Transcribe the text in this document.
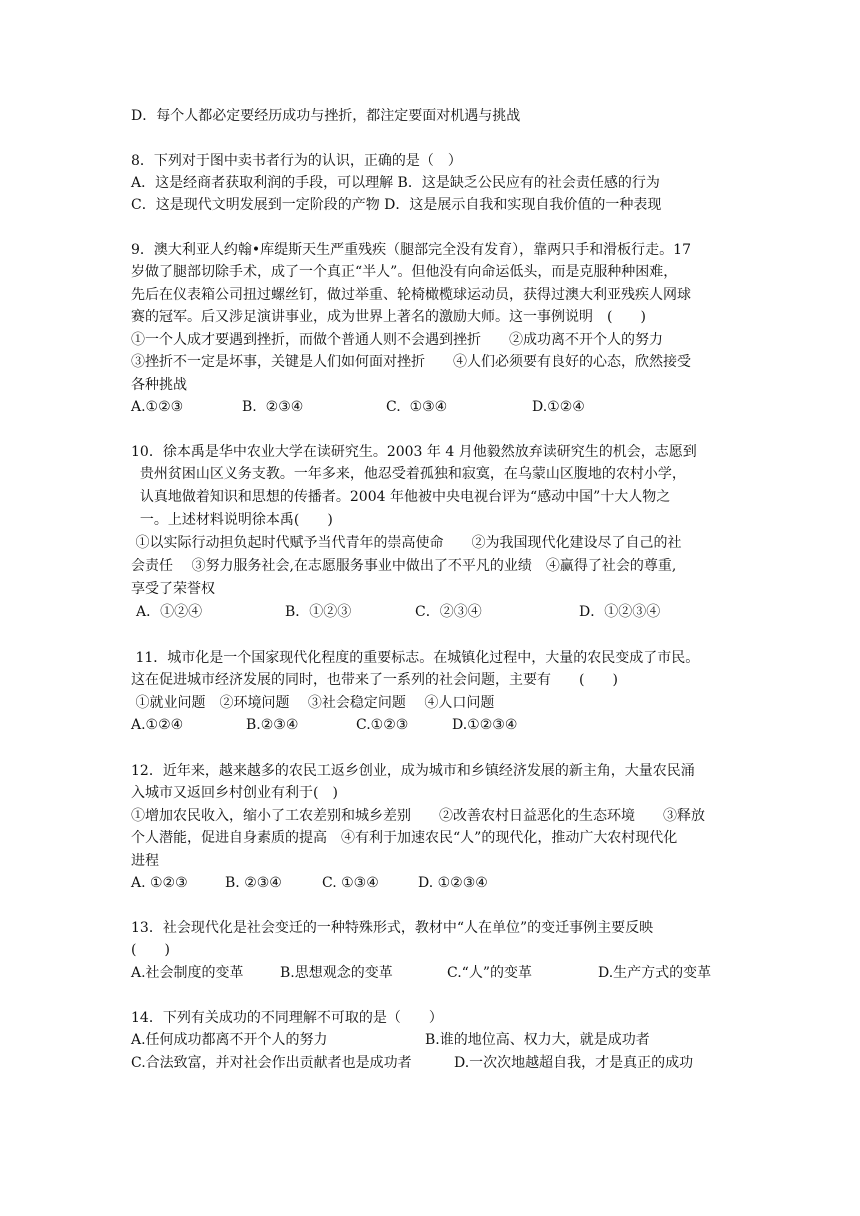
D．每个人都必定要经历成功与挫折，都注定要面对机遇与挑战
8．下列对于图中卖书者行为的认识，正确的是（　）
A．这是经商者获取利润的手段，可以理解 B．这是缺乏公民应有的社会责任感的行为
C．这是现代文明发展到一定阶段的产物 D．这是展示自我和实现自我价值的一种表现
9．澳大利亚人约翰•库缇斯天生严重残疾（腿部完全没有发育），靠两只手和滑板行走。17
岁做了腿部切除手术，成了一个真正“半人”。但他没有向命运低头，而是克服种种困难，
先后在仪表箱公司扭过螺丝钉，做过举重、轮椅橄榄球运动员，获得过澳大利亚残疾人网球
赛的冠军。后又涉足演讲事业，成为世界上著名的激励大师。这一事例说明　(　　)
①一个人成才要遇到挫折，而做个普通人则不会遇到挫折　　②成功离不开个人的努力
③挫折不一定是坏事，关键是人们如何面对挫折　　④人们必须要有良好的心态，欣然接受
各种挑战
A.①②③	B.  ②③④	C.  ①③④	D.①②④
10．徐本禹是华中农业大学在读研究生。2003 年 4 月他毅然放弃读研究生的机会，志愿到
贵州贫困山区义务支教。一年多来，他忍受着孤独和寂寞，在乌蒙山区腹地的农村小学，
认真地做着知识和思想的传播者。2004 年他被中央电视台评为“感动中国”十大人物之
一。上述材料说明徐本禹(　　)
①以实际行动担负起时代赋予当代青年的崇高使命　　②为我国现代化建设尽了自己的社
会责任　 ③努力服务社会,在志愿服务事业中做出了不平凡的业绩　④赢得了社会的尊重,
享受了荣誉权
A．①②④	B．①②③	C．②③④	D．①②③④
11．城市化是一个国家现代化程度的重要标志。在城镇化过程中，大量的农民变成了市民。
这在促进城市经济发展的同时，也带来了一系列的社会问题，主要有　　(　　)
①就业问题　②环境问题　 ③社会稳定问题　 ④人口问题
A.①②④	B.②③④	C.①②③	D.①②③④
12．近年来，越来越多的农民工返乡创业，成为城市和乡镇经济发展的新主角，大量农民涌
入城市又返回乡村创业有利于(　)
①增加农民收入，缩小了工农差别和城乡差别　　②改善农村日益恶化的生态环境　　③释放
个人潜能，促进自身素质的提高　④有利于加速农民“人”的现代化，推动广大农村现代化
进程
A. ①②③	B. ②③④	C. ①③④	D. ①②③④
13．社会现代化是社会变迁的一种特殊形式，教材中“人在单位”的变迁事例主要反映
(　　)
A.社会制度的变革	B.思想观念的变革	C.“人”的变革	D.生产方式的变革
14．下列有关成功的不同理解不可取的是（　　）
A.任何成功都离不开个人的努力	B.谁的地位高、权力大，就是成功者
C.合法致富，并对社会作出贡献者也是成功者	D.一次次地越超自我，才是真正的成功
